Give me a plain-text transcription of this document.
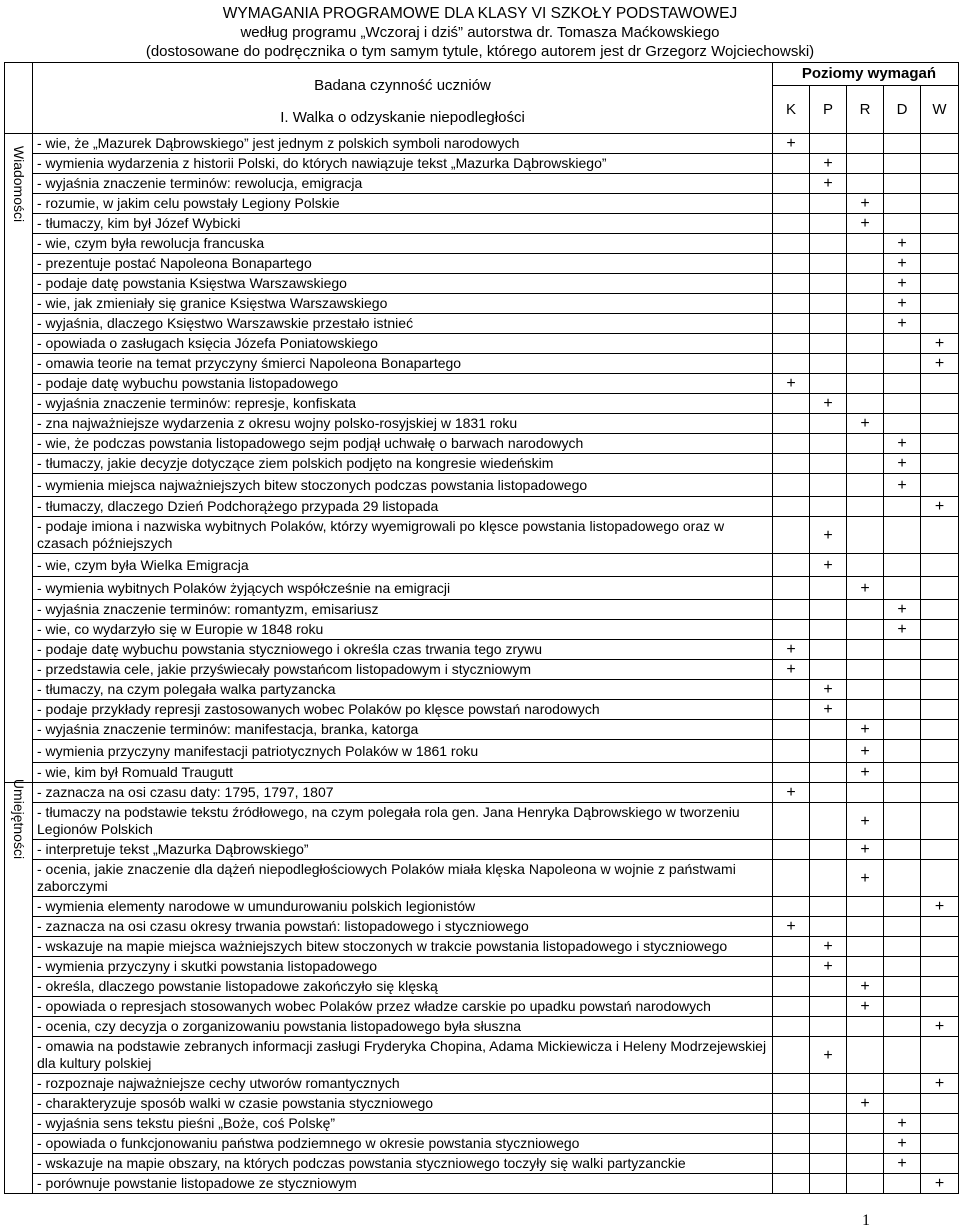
WYMAGANIA PROGRAMOWE DLA KLASY VI SZKOŁY PODSTAWOWEJ
według programu „Wczoraj i dziś” autorstwa dr. Tomasza Maćkowskiego
(dostosowane do podręcznika o tym samym tytule, którego autorem jest dr Grzegorz Wojciechowski)

	Badana czynność uczniów
I. Walka o odzyskanie niepodległości	Poziomy wymagań				
		K	P	R	D	W

Wiadomości	- wie, że „Mazurek Dąbrowskiego” jest jednym z polskich symboli narodowych	+				
	- wymienia wydarzenia z historii Polski, do których nawiązuje tekst „Mazurka Dąbrowskiego”		+			
	- wyjaśnia znaczenie terminów: rewolucja, emigracja		+			
	- rozumie, w jakim celu powstały Legiony Polskie			+		
	- tłumaczy, kim był Józef Wybicki			+		
	- wie, czym była rewolucja francuska				+	
	- prezentuje postać Napoleona Bonapartego				+	
	- podaje datę powstania Księstwa Warszawskiego				+	
	- wie, jak zmieniały się granice Księstwa Warszawskiego				+	
	- wyjaśnia, dlaczego Księstwo Warszawskie przestało istnieć				+	
	- opowiada o zasługach księcia Józefa Poniatowskiego					+
	- omawia teorie na temat przyczyny śmierci Napoleona Bonapartego					+
	- podaje datę wybuchu powstania listopadowego	+				
	- wyjaśnia znaczenie terminów: represje, konfiskata		+			
	- zna najważniejsze wydarzenia z okresu wojny polsko-rosyjskiej w 1831 roku			+		
	- wie, że podczas powstania listopadowego sejm podjął uchwałę o barwach narodowych				+	
	- tłumaczy, jakie decyzje dotyczące ziem polskich podjęto na kongresie wiedeńskim				+	
	- wymienia miejsca najważniejszych bitew stoczonych podczas powstania listopadowego				+	
	- tłumaczy, dlaczego Dzień Podchorążego przypada 29 listopada					+
	- podaje imiona i nazwiska wybitnych Polaków, którzy wyemigrowali po klęsce powstania listopadowego oraz w czasach późniejszych		+			
	- wie, czym była Wielka Emigracja		+			
	- wymienia wybitnych Polaków żyjących współcześnie na emigracji			+		
	- wyjaśnia znaczenie terminów: romantyzm, emisariusz				+	
	- wie, co wydarzyło się w Europie w 1848 roku				+	
	- podaje datę wybuchu powstania styczniowego i określa czas trwania tego zrywu	+				
	- przedstawia cele, jakie przyświecały powstańcom listopadowym i styczniowym	+				
	- tłumaczy, na czym polegała walka partyzancka		+			
	- podaje przykłady represji zastosowanych wobec Polaków po klęsce powstań narodowych		+			
	- wyjaśnia znaczenie terminów: manifestacja, branka, katorga			+		
	- wymienia przyczyny manifestacji patriotycznych Polaków w 1861 roku			+		
	- wie, kim był Romuald Traugutt			+		

Umiejętności	- zaznacza na osi czasu daty: 1795, 1797, 1807	+				
	- tłumaczy na podstawie tekstu źródłowego, na czym polegała rola gen. Jana Henryka Dąbrowskiego w tworzeniu Legionów Polskich			+		
	- interpretuje tekst „Mazurka Dąbrowskiego”			+		
	- ocenia, jakie znaczenie dla dążeń niepodległościowych Polaków miała klęska Napoleona w wojnie z państwami zaborczymi			+		
	- wymienia elementy narodowe w umundurowaniu polskich legionistów					+
	- zaznacza na osi czasu okresy trwania powstań: listopadowego i styczniowego	+				
	- wskazuje na mapie miejsca ważniejszych bitew stoczonych w trakcie powstania listopadowego i styczniowego		+			
	- wymienia przyczyny i skutki powstania listopadowego		+			
	- określa, dlaczego powstanie listopadowe zakończyło się klęską			+		
	- opowiada o represjach stosowanych wobec Polaków przez władze carskie po upadku powstań narodowych			+		
	- ocenia, czy decyzja o zorganizowaniu powstania listopadowego była słuszna					+
	- omawia na podstawie zebranych informacji zasługi Fryderyka Chopina, Adama Mickiewicza i Heleny Modrzejewskiej dla kultury polskiej		+			
	- rozpoznaje najważniejsze cechy utworów romantycznych					+
	- charakteryzuje sposób walki w czasie powstania styczniowego			+		
	- wyjaśnia sens tekstu pieśni „Boże, coś Polskę”				+	
	- opowiada o funkcjonowaniu państwa podziemnego w okresie powstania styczniowego				+	
	- wskazuje na mapie obszary, na których podczas powstania styczniowego toczyły się walki partyzanckie				+	
	- porównuje powstanie listopadowe ze styczniowym					+
1
